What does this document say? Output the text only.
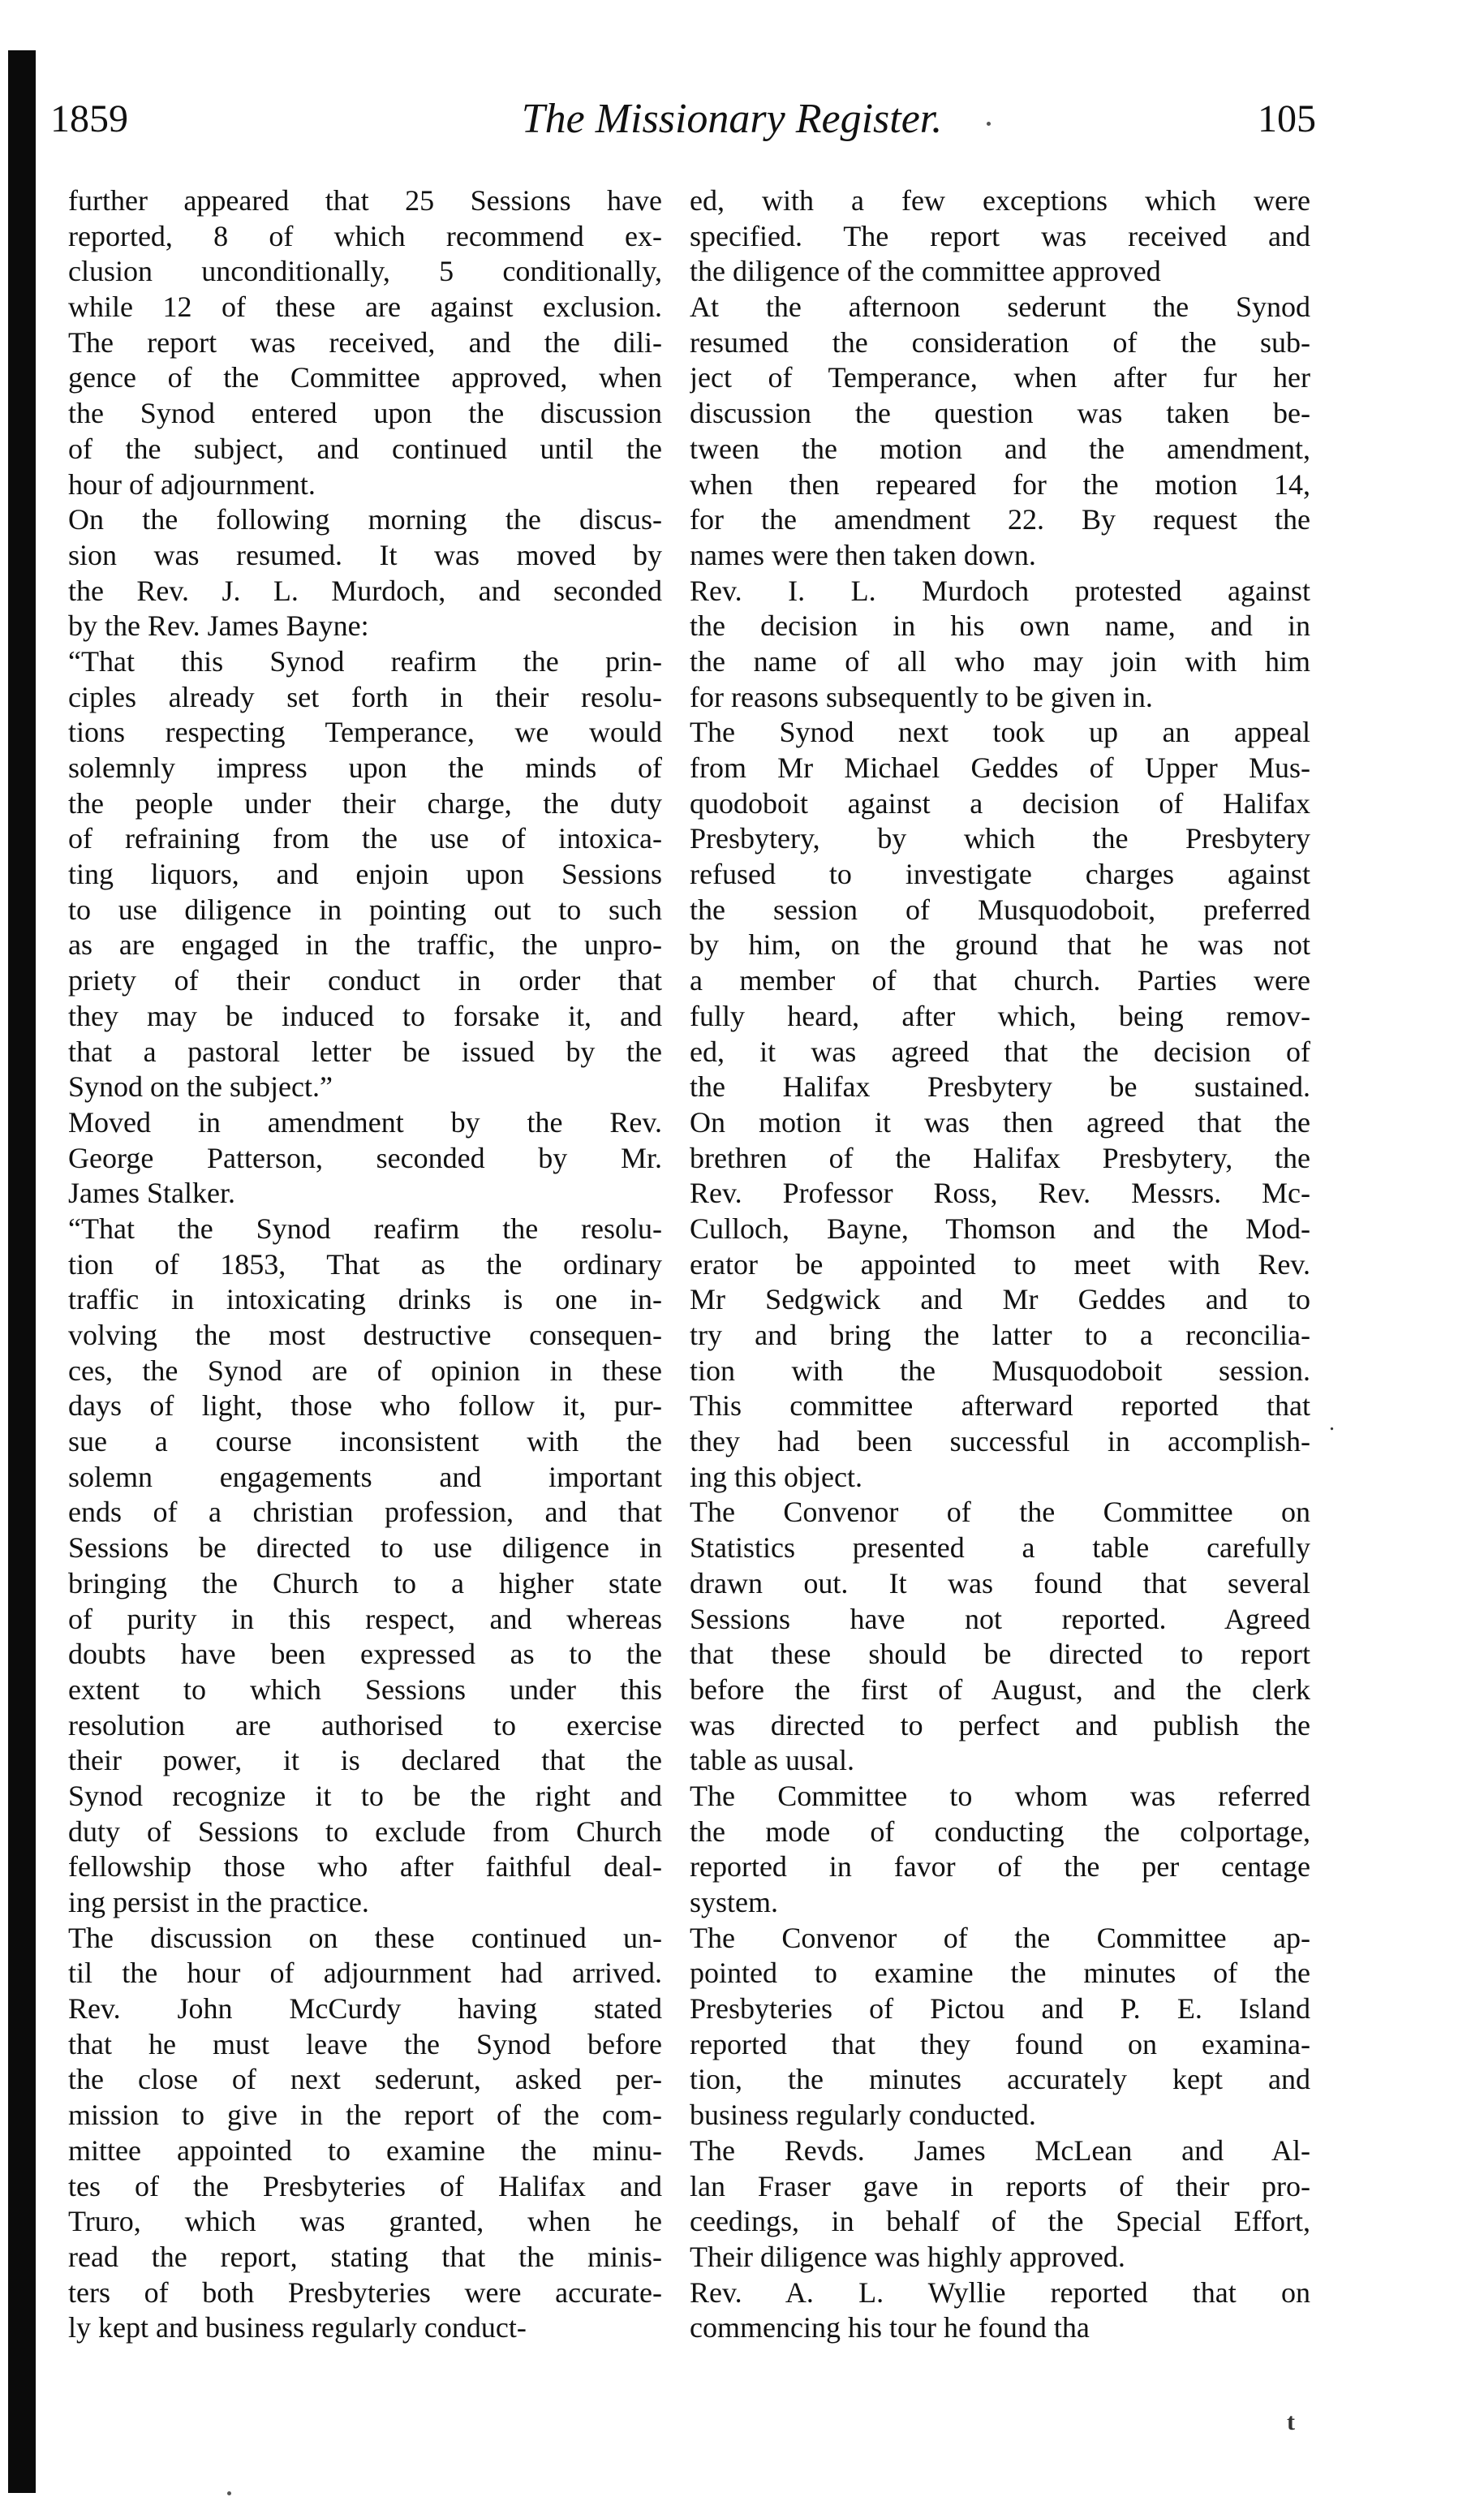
1859	The Missionary Register.	105
further appeared that 25 Sessions have
reported, 8 of which recommend ex-
clusion unconditionally, 5 conditionally,
while 12 of these are against exclusion.
The report was received, and the dili-
gence of the Committee approved, when
the Synod entered upon the discussion
of the subject, and continued until the
hour of adjournment.
On the following morning the discus-
sion was resumed. It was moved by
the Rev. J. L. Murdoch, and seconded
by the Rev. James Bayne:
“That this Synod reafirm the prin-
ciples already set forth in their resolu-
tions respecting Temperance, we would
solemnly impress upon the minds of
the people under their charge, the duty
of refraining from the use of intoxica-
ting liquors, and enjoin upon Sessions
to use diligence in pointing out to such
as are engaged in the traffic, the unpro-
priety of their conduct in order that
they may be induced to forsake it, and
that a pastoral letter be issued by the
Synod on the subject.”
Moved in amendment by the Rev.
George Patterson, seconded by Mr.
James Stalker.
“That the Synod reafirm the resolu-
tion of 1853, That as the ordinary
traffic in intoxicating drinks is one in-
volving the most destructive consequen-
ces, the Synod are of opinion in these
days of light, those who follow it, pur-
sue a course inconsistent with the
solemn engagements and important
ends of a christian profession, and that
Sessions be directed to use diligence in
bringing the Church to a higher state
of purity in this respect, and whereas
doubts have been expressed as to the
extent to which Sessions under this
resolution are authorised to exercise
their power, it is declared that the
Synod recognize it to be the right and
duty of Sessions to exclude from Church
fellowship those who after faithful deal-
ing persist in the practice.
The discussion on these continued un-
til the hour of adjournment had arrived.
Rev. John McCurdy having stated
that he must leave the Synod before
the close of next sederunt, asked per-
mission to give in the report of the com-
mittee appointed to examine the minu-
tes of the Presbyteries of Halifax and
Truro, which was granted, when he
read the report, stating that the minis-
ters of both Presbyteries were accurate-
ly kept and business regularly conduct-
ed, with a few exceptions which were
specified. The report was received and
the diligence of the committee approved
At the afternoon sederunt the Synod
resumed the consideration of the sub-
ject of Temperance, when after fur her
discussion the question was taken be-
tween the motion and the amendment,
when then repeared for the motion 14,
for the amendment 22. By request the
names were then taken down.
Rev. I. L. Murdoch protested against
the decision in his own name, and in
the name of all who may join with him
for reasons subsequently to be given in.
The Synod next took up an appeal
from Mr Michael Geddes of Upper Mus-
quodoboit against a decision of Halifax
Presbytery, by which the Presbytery
refused to investigate charges against
the session of Musquodoboit, preferred
by him, on the ground that he was not
a member of that church. Parties were
fully heard, after which, being remov-
ed, it was agreed that the decision of
the Halifax Presbytery be sustained.
On motion it was then agreed that the
brethren of the Halifax Presbytery, the
Rev. Professor Ross, Rev. Messrs. Mc-
Culloch, Bayne, Thomson and the Mod-
erator be appointed to meet with Rev.
Mr Sedgwick and Mr Geddes and to
try and bring the latter to a reconcilia-
tion with the Musquodoboit session.
This committee afterward reported that
they had been successful in accomplish-
ing this object.
The Convenor of the Committee on
Statistics presented a table carefully
drawn out. It was found that several
Sessions have not reported. Agreed
that these should be directed to report
before the first of August, and the clerk
was directed to perfect and publish the
table as uusal.
The Committee to whom was referred
the mode of conducting the colportage,
reported in favor of the per centage
system.
The Convenor of the Committee ap-
pointed to examine the minutes of the
Presbyteries of Pictou and P. E. Island
reported that they found on examina-
tion, the minutes accurately kept and
business regularly conducted.
The Revds. James McLean and Al-
lan Fraser gave in reports of their pro-
ceedings, in behalf of the Special Effort,
Their diligence was highly approved.
Rev. A. L. Wyllie reported that on
commencing his tour he found tha
.
t
